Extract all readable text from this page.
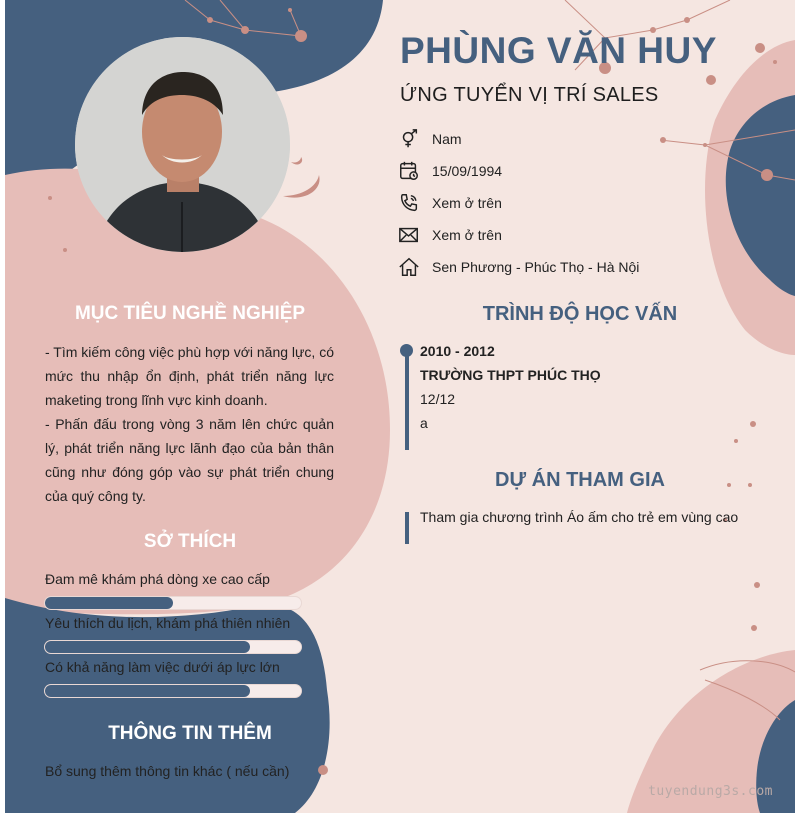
PHÙNG VĂN HUY
ỨNG TUYỂN VỊ TRÍ SALES
Nam
15/09/1994
Xem ở trên
Xem ở trên
Sen Phương - Phúc Thọ - Hà Nội
MỤC TIÊU NGHỀ NGHIỆP

- Tìm kiếm công việc phù hợp với năng lực, có mức thu nhập ổn định, phát triển năng lực maketing trong lĩnh vực kinh doanh.

- Phấn đấu trong vòng 3 năm lên chức quản lý, phát triển năng lực lãnh đạo của bản thân cũng như đóng góp vào sự phát triển chung của quý công ty.

SỞ THÍCH
Đam mê khám phá dòng xe cao cấp
Yêu thích du lịch, khám phá thiên nhiên
Có khả năng làm việc dưới áp lực lớn
THÔNG TIN THÊM
Bổ sung thêm thông tin khác ( nếu cần)
TRÌNH ĐỘ HỌC VẤN
2010 - 2012
TRƯỜNG THPT PHÚC THỌ
12/12
a
DỰ ÁN THAM GIA
Tham gia chương trình Áo ấm cho trẻ em vùng cao
tuyendung3s.com
